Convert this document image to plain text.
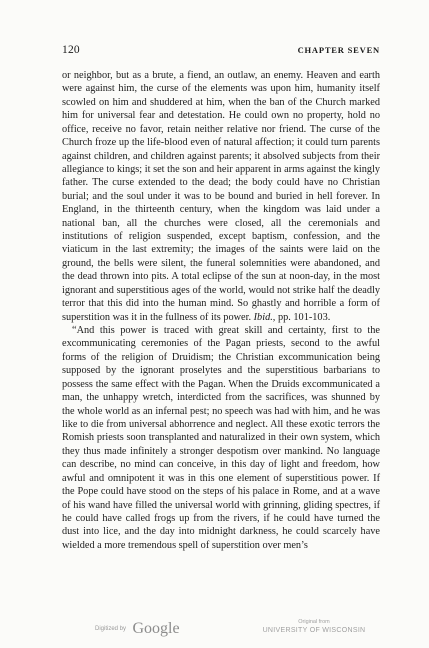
120	CHAPTER SEVEN

or neighbor, but as a brute, a fiend, an outlaw, an enemy. Heaven and earth were against him, the curse of the elements was upon him, humanity itself scowled on him and shuddered at him, when the ban of the Church marked him for universal fear and detestation. He could own no property, hold no office, receive no favor, retain neither relative nor friend. The curse of the Church froze up the life-blood even of natural affection; it could turn parents against children, and children against parents; it absolved subjects from their allegiance to kings; it set the son and heir apparent in arms against the kingly father. The curse extended to the dead; the body could have no Christian burial; and the soul under it was to be bound and buried in hell forever. In England, in the thirteenth century, when the kingdom was laid under a national ban, all the churches were closed, all the ceremonials and institutions of religion suspended, except baptism, confession, and the viaticum in the last extremity; the images of the saints were laid on the ground, the bells were silent, the funeral solemnities were abandoned, and the dead thrown into pits. A total eclipse of the sun at noon-day, in the most ignorant and superstitious ages of the world, would not strike half the deadly terror that this did into the human mind. So ghastly and horrible a form of superstition was it in the fullness of its power. Ibid., pp. 101-103.

“And this power is traced with great skill and certainty, first to the excommunicating ceremonies of the Pagan priests, second to the awful forms of the religion of Druidism; the Christian excommunication being supposed by the ignorant proselytes and the superstitious barbarians to possess the same effect with the Pagan. When the Druids excommunicated a man, the unhappy wretch, interdicted from the sacrifices, was shunned by the whole world as an infernal pest; no speech was had with him, and he was like to die from universal abhorrence and neglect. All these exotic terrors the Romish priests soon transplanted and naturalized in their own system, which they thus made infinitely a stronger despotism over mankind. No language can describe, no mind can conceive, in this day of light and freedom, how awful and omnipotent it was in this one element of superstitious power. If the Pope could have stood on the steps of his palace in Rome, and at a wave of his wand have filled the universal world with grinning, gliding spectres, if he could have called frogs up from the rivers, if he could have turned the dust into lice, and the day into midnight darkness, he could scarcely have wielded a more tremendous spell of superstition over men’s

Digitized by Google	Original from
UNIVERSITY OF WISCONSIN
